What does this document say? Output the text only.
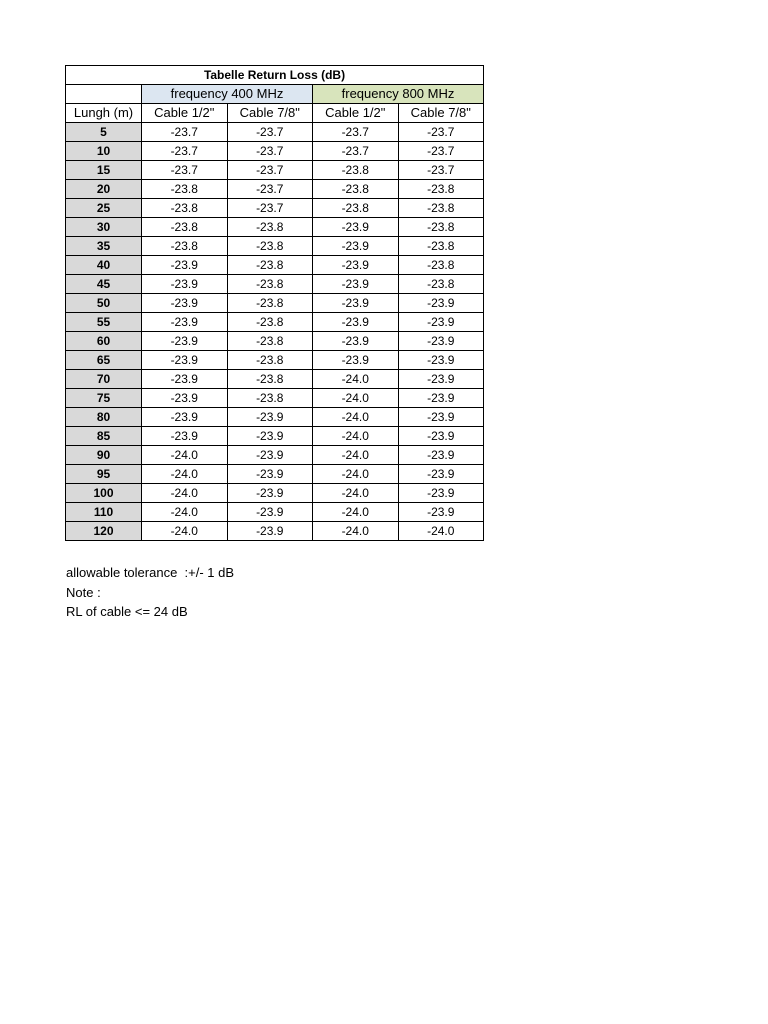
Tabelle Return Loss (dB)				
	frequency 400 MHz		frequency 800 MHz	
Lungh (m)	Cable 1/2"	Cable 7/8"	Cable 1/2"	Cable 7/8"
5	-23.7	-23.7	-23.7	-23.7
10	-23.7	-23.7	-23.7	-23.7
15	-23.7	-23.7	-23.8	-23.7
20	-23.8	-23.7	-23.8	-23.8
25	-23.8	-23.7	-23.8	-23.8
30	-23.8	-23.8	-23.9	-23.8
35	-23.8	-23.8	-23.9	-23.8
40	-23.9	-23.8	-23.9	-23.8
45	-23.9	-23.8	-23.9	-23.8
50	-23.9	-23.8	-23.9	-23.9
55	-23.9	-23.8	-23.9	-23.9
60	-23.9	-23.8	-23.9	-23.9
65	-23.9	-23.8	-23.9	-23.9
70	-23.9	-23.8	-24.0	-23.9
75	-23.9	-23.8	-24.0	-23.9
80	-23.9	-23.9	-24.0	-23.9
85	-23.9	-23.9	-24.0	-23.9
90	-24.0	-23.9	-24.0	-23.9
95	-24.0	-23.9	-24.0	-23.9
100	-24.0	-23.9	-24.0	-23.9
110	-24.0	-23.9	-24.0	-23.9
120	-24.0	-23.9	-24.0	-24.0
allowable tolerance  :+/- 1 dB
Note :
RL of cable <= 24 dB
